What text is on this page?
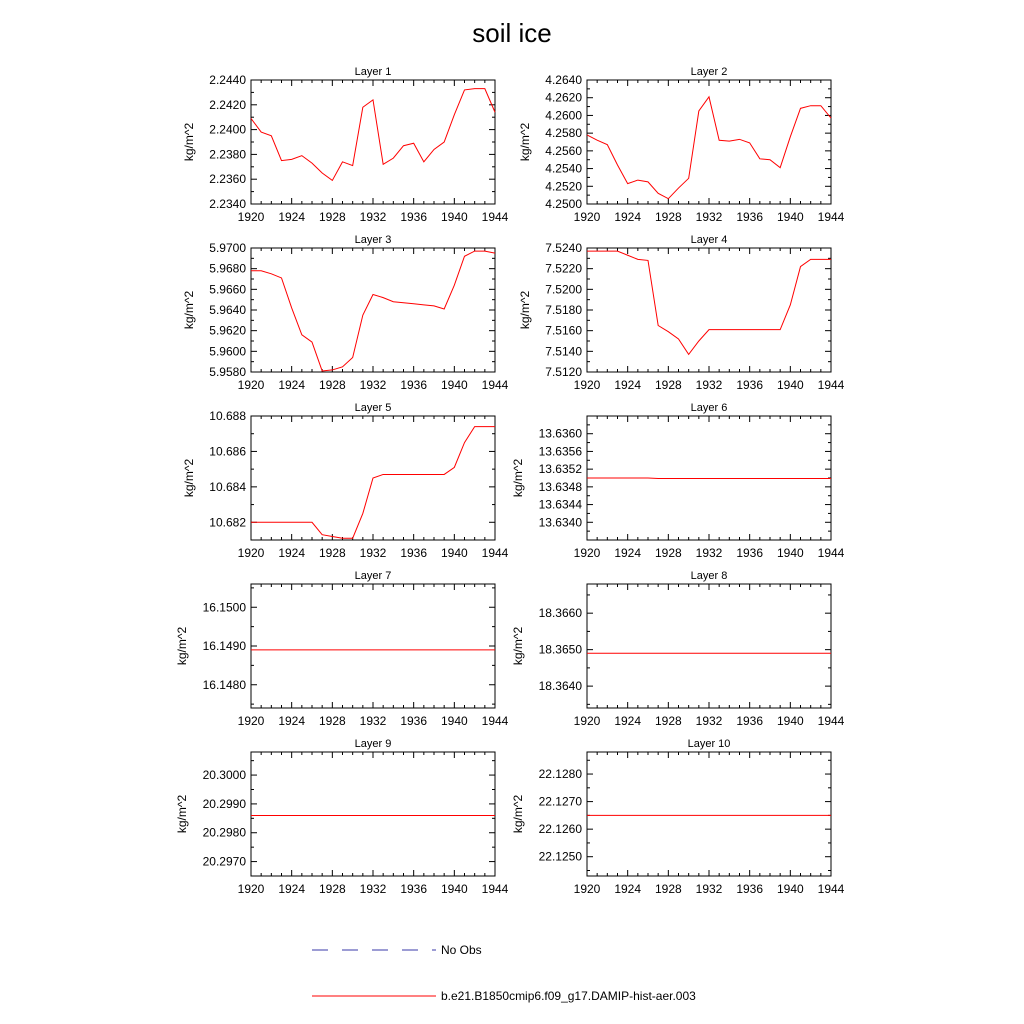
soil ice
Layer 1
1920 1924 1928 1932 1936 1940 1944
2.2340
2.2360
2.2380
2.2400
2.2420
2.2440
kg/m^2
Layer 2
1920 1924 1928 1932 1936 1940 1944
4.2500
4.2520
4.2540
4.2560
4.2580
4.2600
4.2620
4.2640
kg/m^2
Layer 3
1920 1924 1928 1932 1936 1940 1944
5.9580
5.9600
5.9620
5.9640
5.9660
5.9680
5.9700
kg/m^2
Layer 4
1920 1924 1928 1932 1936 1940 1944
7.5120
7.5140
7.5160
7.5180
7.5200
7.5220
7.5240
kg/m^2
Layer 5
1920 1924 1928 1932 1936 1940 1944
10.682
10.684
10.686
10.688
kg/m^2
Layer 6
1920 1924 1928 1932 1936 1940 1944
13.6340
13.6344
13.6348
13.6352
13.6356
13.6360
kg/m^2
Layer 7
1920 1924 1928 1932 1936 1940 1944
16.1480
16.1490
16.1500
kg/m^2
Layer 8
1920 1924 1928 1932 1936 1940 1944
18.3640
18.3650
18.3660
kg/m^2
Layer 9
1920 1924 1928 1932 1936 1940 1944
20.2970
20.2980
20.2990
20.3000
kg/m^2
Layer 10
1920 1924 1928 1932 1936 1940 1944
22.1250
22.1260
22.1270
22.1280
kg/m^2
No Obs
b.e21.B1850cmip6.f09_g17.DAMIP-hist-aer.003
